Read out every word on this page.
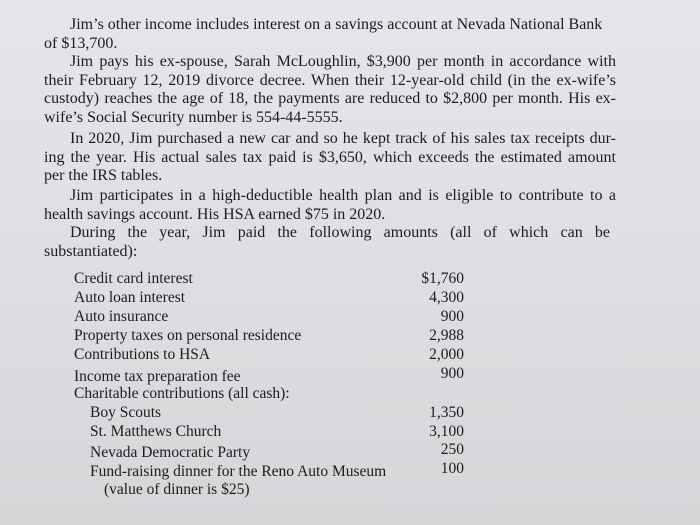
Jim’s other income includes interest on a savings account at Nevada National Bank
of $13,700.

Jim pays his ex-spouse, Sarah McLoughlin, $3,900 per month in accordance with
their February 12, 2019 divorce decree. When their 12-year-old child (in the ex-wife’s
custody) reaches the age of 18, the payments are reduced to $2,800 per month. His ex-
wife’s Social Security number is 554-44-5555.

In 2020, Jim purchased a new car and so he kept track of his sales tax receipts dur-
ing the year. His actual sales tax paid is $3,650, which exceeds the estimated amount
per the IRS tables.

Jim participates in a high-deductible health plan and is eligible to contribute to a
health savings account. His HSA earned $75 in 2020.

During the year, Jim paid the following amounts (all of which can be
substantiated):

Credit card interest	$1,760
Auto loan interest	4,300
Auto insurance	900
Property taxes on personal residence	2,988
Contributions to HSA	2,000
Income tax preparation fee	900
Charitable contributions (all cash):
Boy Scouts	1,350
St. Matthews Church	3,100
Nevada Democratic Party	250
Fund-raising dinner for the Reno Auto Museum	100
(value of dinner is $25)
